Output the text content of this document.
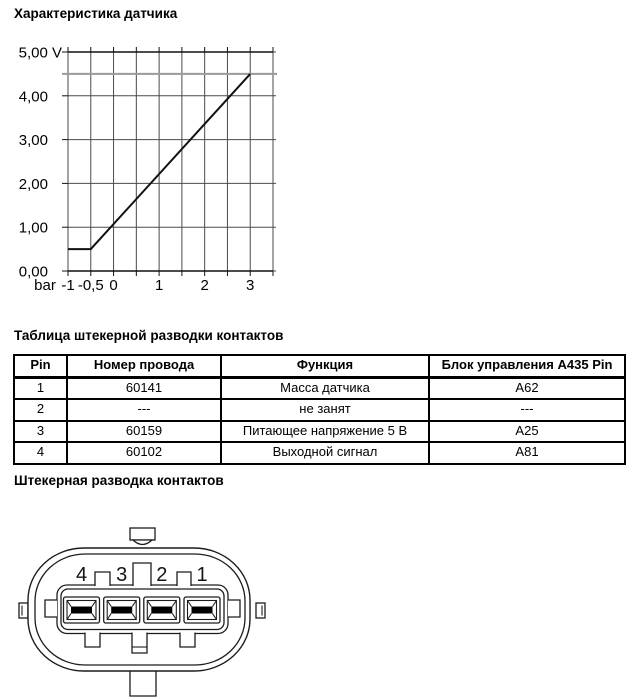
Характеристика датчика
0,00
1,00
2,00
3,00
4,00
5,00 V
bar -1 -0,5 0 1 2 3
Таблица штекерной разводки контактов
Pin	Номер провода	Функция	Блок управления A435 Pin
1	60141	Масса датчика	A62
2	---	не занят	---
3	60159	Питающее напряжение 5 В	A25
4	60102	Выходной сигнал	A81
Штекерная разводка контактов
4 3 2 1
